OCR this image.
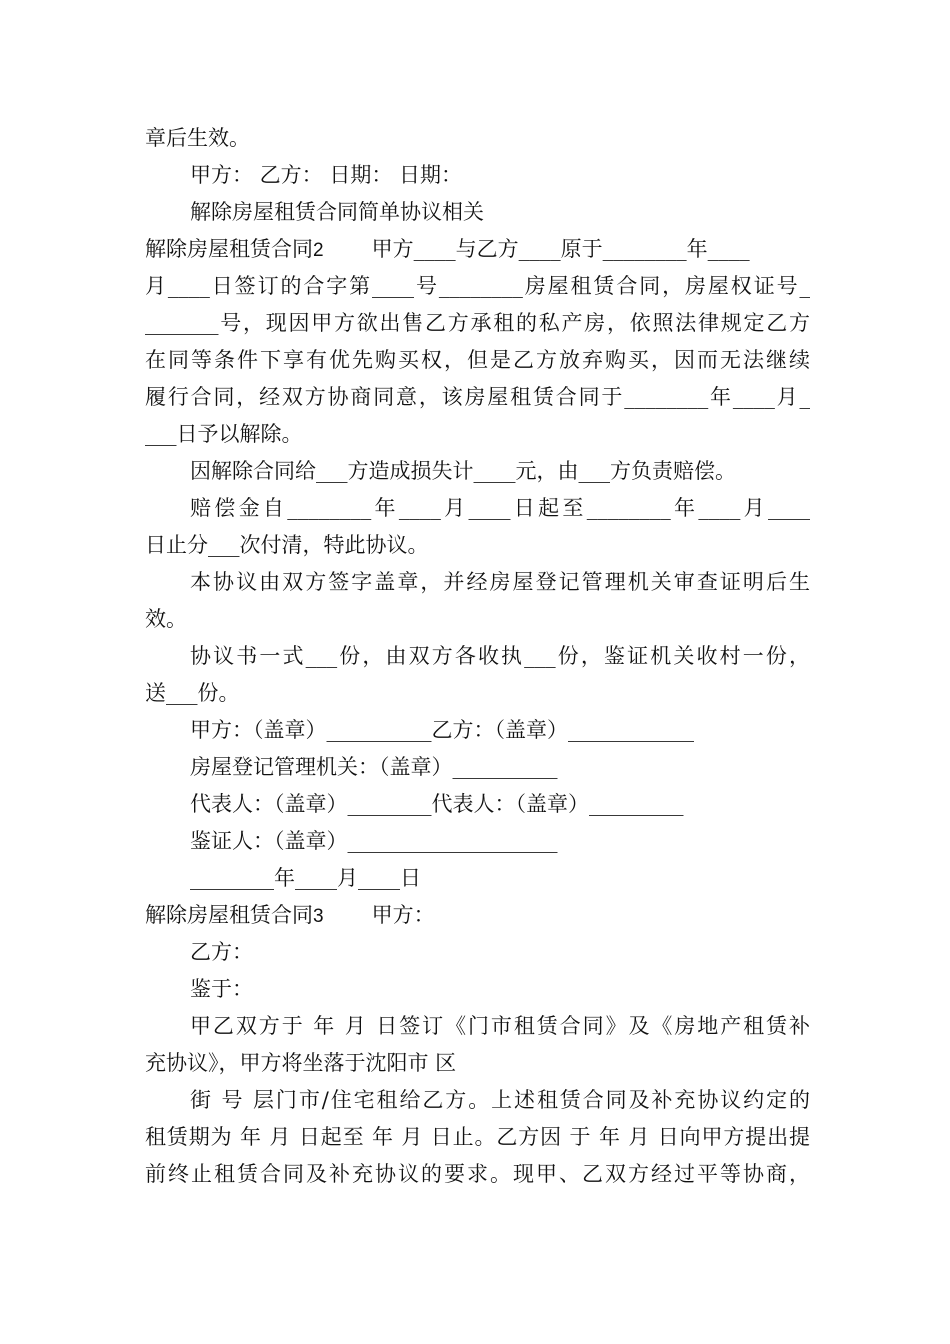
章后生效。
甲方： 乙方： 日期： 日期：
解除房屋租赁合同简单协议相关
解除房屋租赁合同2 甲方____与乙方____原于________年____
月____日签订的合字第____号________房屋租赁合同，房屋权证号_
_______号，现因甲方欲出售乙方承租的私产房，依照法律规定乙方
在同等条件下享有优先购买权，但是乙方放弃购买，因而无法继续
履行合同，经双方协商同意，该房屋租赁合同于________年____月_
___日予以解除。
因解除合同给___方造成损失计____元，由___方负责赔偿。
赔偿金自________年____月____日起至________年____月____
日止分___次付清，特此协议。
本协议由双方签字盖章，并经房屋登记管理机关审查证明后生
效。
协议书一式___份，由双方各收执___份，鉴证机关收村一份，
送___份。
甲方：（盖章）__________乙方：（盖章）____________
房屋登记管理机关：（盖章）__________
代表人：（盖章）________代表人：（盖章）_________
鉴证人：（盖章）____________________
________年____月____日
解除房屋租赁合同3 甲方：
乙方：
鉴于：
甲乙双方于 年 月 日签订《门市租赁合同》及《房地产租赁补
充协议》，甲方将坐落于沈阳市 区
街 号 层门市/住宅租给乙方。上述租赁合同及补充协议约定的
租赁期为 年 月 日起至 年 月 日止。乙方因 于 年 月 日向甲方提出提
前终止租赁合同及补充协议的要求。现甲、乙双方经过平等协商，
